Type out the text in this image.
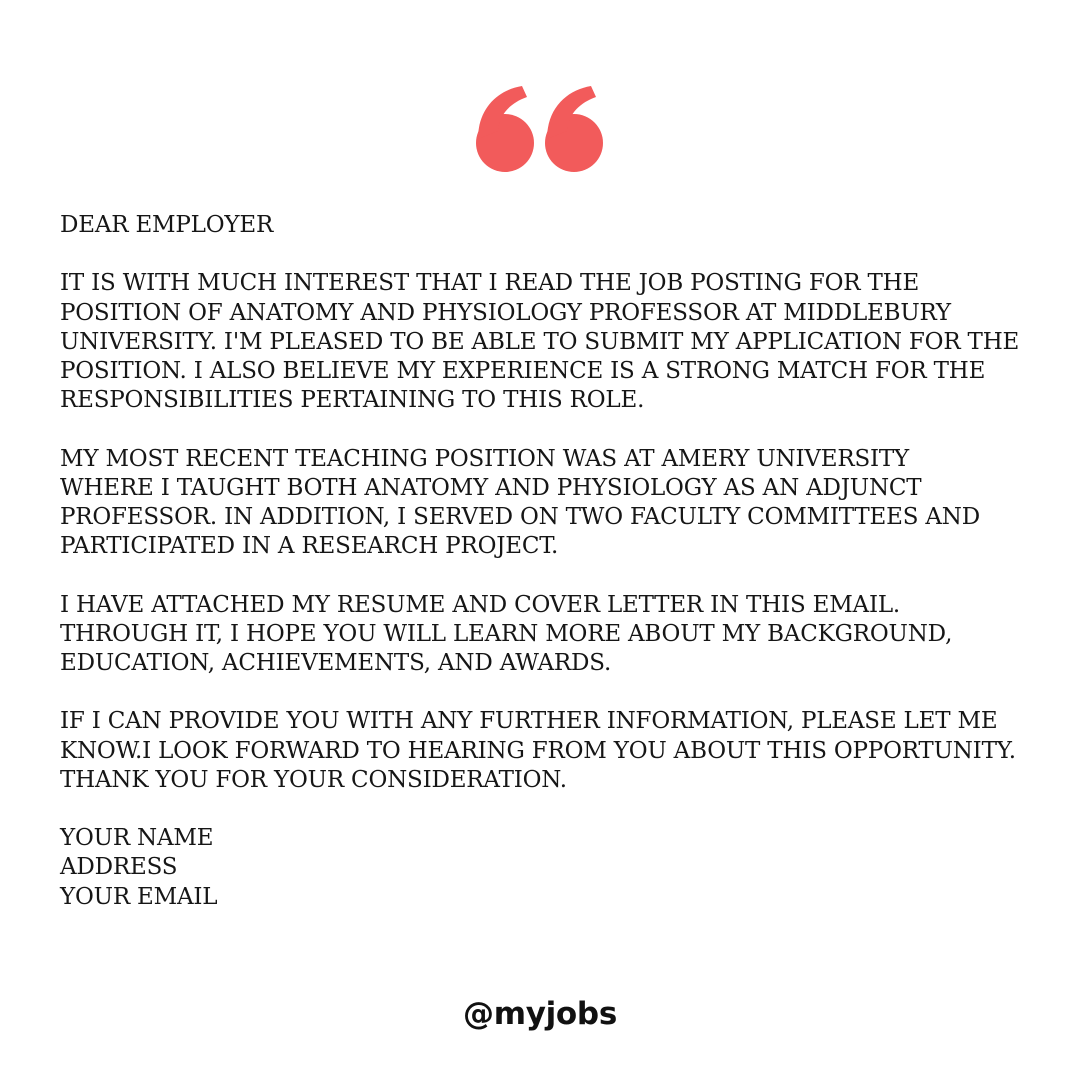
DEAR EMPLOYER

IT IS WITH MUCH INTEREST THAT I READ THE JOB POSTING FOR THE
POSITION OF ANATOMY AND PHYSIOLOGY PROFESSOR AT MIDDLEBURY
UNIVERSITY. I'M PLEASED TO BE ABLE TO SUBMIT MY APPLICATION FOR THE
POSITION. I ALSO BELIEVE MY EXPERIENCE IS A STRONG MATCH FOR THE
RESPONSIBILITIES PERTAINING TO THIS ROLE.

MY MOST RECENT TEACHING POSITION WAS AT AMERY UNIVERSITY
WHERE I TAUGHT BOTH ANATOMY AND PHYSIOLOGY AS AN ADJUNCT
PROFESSOR. IN ADDITION, I SERVED ON TWO FACULTY COMMITTEES AND
PARTICIPATED IN A RESEARCH PROJECT.

I HAVE ATTACHED MY RESUME AND COVER LETTER IN THIS EMAIL.
THROUGH IT, I HOPE YOU WILL LEARN MORE ABOUT MY BACKGROUND,
EDUCATION, ACHIEVEMENTS, AND AWARDS.

IF I CAN PROVIDE YOU WITH ANY FURTHER INFORMATION, PLEASE LET ME
KNOW.I LOOK FORWARD TO HEARING FROM YOU ABOUT THIS OPPORTUNITY.
THANK YOU FOR YOUR CONSIDERATION.

YOUR NAME
ADDRESS
YOUR EMAIL

@myjobs
